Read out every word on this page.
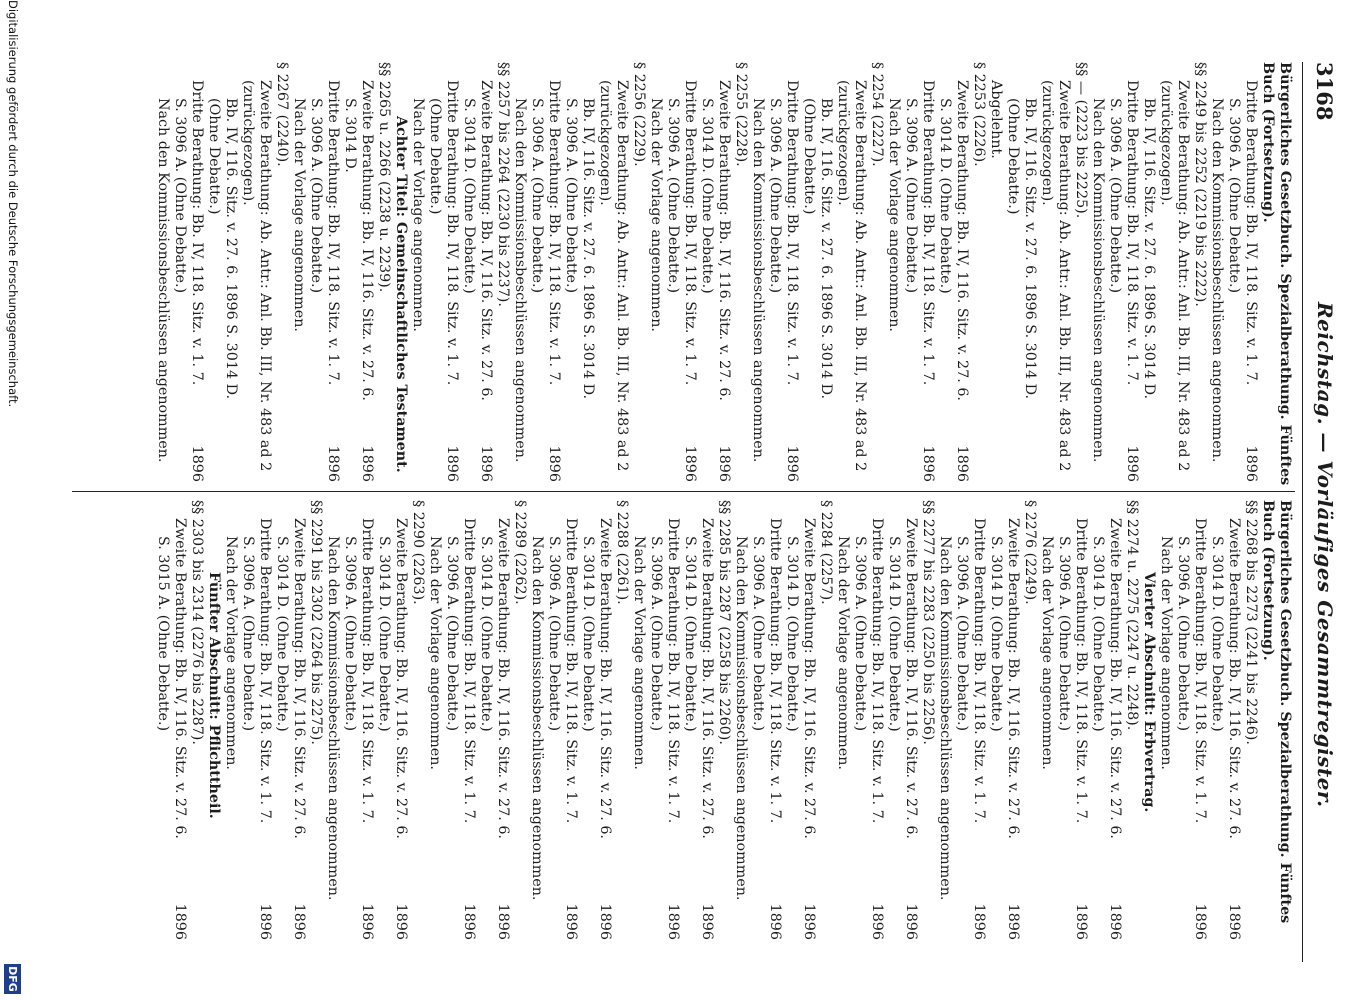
3168
Reichstag. — Vorläufiges Gesammtregister.
Bürgerliches Gesetzbuch. Spezialberathung. Fünftes
Buch (Fortsetzung).
Dritte Berathung: Bb. IV, 118. Sitz. v. 1. 7.
1896
S. 3096 A. (Ohne Debatte.)
Nach den Kommissionsbeschlüssen angenommen.
§§ 2249 bis 2252 (2219 bis 2222).
Zweite Berathung: Ab. Antr.: Anl. Bb. III, Nr. 483 ad 2
(zurückgezogen).
Bb. IV, 116. Sitz. v. 27. 6. 1896 S. 3014 D.
Dritte Berathung: Bb. IV, 118. Sitz. v. 1. 7.
1896
S. 3096 A. (Ohne Debatte.)
Nach den Kommissionsbeschlüssen angenommen.
§§ — (2223 bis 2225).
Zweite Berathung: Ab. Antr.: Anl. Bb. III, Nr. 483 ad 2
(zurückgezogen).
Bb. IV, 116. Sitz. v. 27. 6. 1896 S. 3014 D.
(Ohne Debatte.)
Abgelehnt.
§ 2253 (2226).
Zweite Berathung: Bb. IV, 116. Sitz. v. 27. 6.
1896
S. 3014 D. (Ohne Debatte.)
Dritte Berathung: Bb. IV, 118. Sitz. v. 1. 7.
1896
S. 3096 A. (Ohne Debatte.)
Nach der Vorlage angenommen.
§ 2254 (2227).
Zweite Berathung: Ab. Antr.: Anl. Bb. III, Nr. 483 ad 2
(zurückgezogen).
Bb. IV, 116. Sitz. v. 27. 6. 1896 S. 3014 D.
(Ohne Debatte.)
Dritte Berathung: Bb. IV, 118. Sitz. v. 1. 7.
1896
S. 3096 A. (Ohne Debatte.)
Nach den Kommissionsbeschlüssen angenommen.
§ 2255 (2228).
Zweite Berathung: Bb. IV, 116. Sitz. v. 27. 6.
1896
S. 3014 D. (Ohne Debatte.)
Dritte Berathung: Bb. IV, 118. Sitz. v. 1. 7.
1896
S. 3096 A. (Ohne Debatte.)
Nach der Vorlage angenommen.
§ 2256 (2229).
Zweite Berathung: Ab. Antr.: Anl. Bb. III, Nr. 483 ad 2
(zurückgezogen).
Bb. IV, 116. Sitz. v. 27. 6. 1896 S. 3014 D.
S. 3096 A. (Ohne Debatte.)
Dritte Berathung: Bb. IV, 118. Sitz. v. 1. 7.
1896
S. 3096 A. (Ohne Debatte.)
Nach den Kommissionsbeschlüssen angenommen.
§§ 2257 bis 2264 (2230 bis 2237).
Zweite Berathung: Bb. IV, 116. Sitz. v. 27. 6.
1896
S. 3014 D. (Ohne Debatte.)
Dritte Berathung: Bb. IV, 118. Sitz. v. 1. 7.
1896
(Ohne Debatte.)
Nach der Vorlage angenommen.
Achter Titel: Gemeinschaftliches Testament.
§§ 2265 u. 2266 (2238 u. 2239).
Zweite Berathung: Bb. IV, 116. Sitz. v. 27. 6.
1896
S. 3014 D.
Dritte Berathung: Bb. IV, 118. Sitz. v. 1. 7.
1896
S. 3096 A. (Ohne Debatte.)
Nach der Vorlage angenommen.
§ 2267 (2240).
Zweite Berathung: Ab. Antr.: Anl. Bb. III, Nr. 483 ad 2
(zurückgezogen).
Bb. IV, 116. Sitz. v. 27. 6. 1896 S. 3014 D.
(Ohne Debatte.)
Dritte Berathung: Bb. IV, 118. Sitz. v. 1. 7.
1896
S. 3096 A. (Ohne Debatte.)
Nach den Kommissionsbeschlüssen angenommen.
Bürgerliches Gesetzbuch. Spezialberathung. Fünftes
Buch (Fortsetzung).
§§ 2268 bis 2273 (2241 bis 2246).
Zweite Berathung: Bb. IV, 116. Sitz. v. 27. 6.
1896
S. 3014 D. (Ohne Debatte.)
Dritte Berathung: Bb. IV, 118. Sitz. v. 1. 7.
1896
S. 3096 A. (Ohne Debatte.)
Nach der Vorlage angenommen.
Vierter Abschnitt: Erbvertrag.
§§ 2274 u. 2275 (2247 u. 2248).
Zweite Berathung: Bb. IV, 116. Sitz. v. 27. 6.
1896
S. 3014 D. (Ohne Debatte.)
Dritte Berathung: Bb. IV, 118. Sitz. v. 1. 7.
1896
S. 3096 A. (Ohne Debatte.)
Nach der Vorlage angenommen.
§ 2276 (2249).
Zweite Berathung: Bb. IV, 116. Sitz. v. 27. 6.
1896
S. 3014 D. (Ohne Debatte.)
Dritte Berathung: Bb. IV, 118. Sitz. v. 1. 7.
1896
S. 3096 A. (Ohne Debatte.)
Nach den Kommissionsbeschlüssen angenommen.
§§ 2277 bis 2283 (2250 bis 2256).
Zweite Berathung: Bb. IV, 116. Sitz. v. 27. 6.
1896
S. 3014 D. (Ohne Debatte.)
Dritte Berathung: Bb. IV, 118. Sitz. v. 1. 7.
1896
S. 3096 A. (Ohne Debatte.)
Nach der Vorlage angenommen.
§ 2284 (2257).
Zweite Berathung: Bb. IV, 116. Sitz. v. 27. 6.
1896
S. 3014 D. (Ohne Debatte.)
Dritte Berathung: Bb. IV, 118. Sitz. v. 1. 7.
1896
S. 3096 A. (Ohne Debatte.)
Nach den Kommissionsbeschlüssen angenommen.
§§ 2285 bis 2287 (2258 bis 2260).
Zweite Berathung: Bb. IV, 116. Sitz. v. 27. 6.
1896
S. 3014 D. (Ohne Debatte.)
Dritte Berathung: Bb. IV, 118. Sitz. v. 1. 7.
1896
S. 3096 A. (Ohne Debatte.)
Nach der Vorlage angenommen.
§ 2288 (2261).
Zweite Berathung: Bb. IV, 116. Sitz. v. 27. 6.
1896
S. 3014 D. (Ohne Debatte.)
Dritte Berathung: Bb. IV, 118. Sitz. v. 1. 7.
1896
S. 3096 A. (Ohne Debatte.)
Nach den Kommissionsbeschlüssen angenommen.
§ 2289 (2262).
Zweite Berathung: Bb. IV, 116. Sitz. v. 27. 6.
1896
S. 3014 D. (Ohne Debatte.)
Dritte Berathung: Bb. IV, 118. Sitz. v. 1. 7.
1896
S. 3096 A. (Ohne Debatte.)
Nach der Vorlage angenommen.
§ 2290 (2263).
Zweite Berathung: Bb. IV, 116. Sitz. v. 27. 6.
1896
S. 3014 D. (Ohne Debatte.)
Dritte Berathung: Bb. IV, 118. Sitz. v. 1. 7.
1896
S. 3096 A. (Ohne Debatte.)
Nach den Kommissionsbeschlüssen angenommen.
§§ 2291 bis 2302 (2264 bis 2275).
Zweite Berathung: Bb. IV, 116. Sitz. v. 27. 6.
1896
S. 3014 D. (Ohne Debatte.)
Dritte Berathung: Bb. IV, 118. Sitz. v. 1. 7.
1896
S. 3096 A. (Ohne Debatte.)
Nach der Vorlage angenommen.
Fünfter Abschnitt: Pflichttheil.
§§ 2303 bis 2314 (2276 bis 2287).
Zweite Berathung: Bb. IV, 116. Sitz. v. 27. 6.
1896
S. 3015 A. (Ohne Debatte.)
Digitalisierung gefördert durch die Deutsche Forschungsgemeinschaft.
DFG
